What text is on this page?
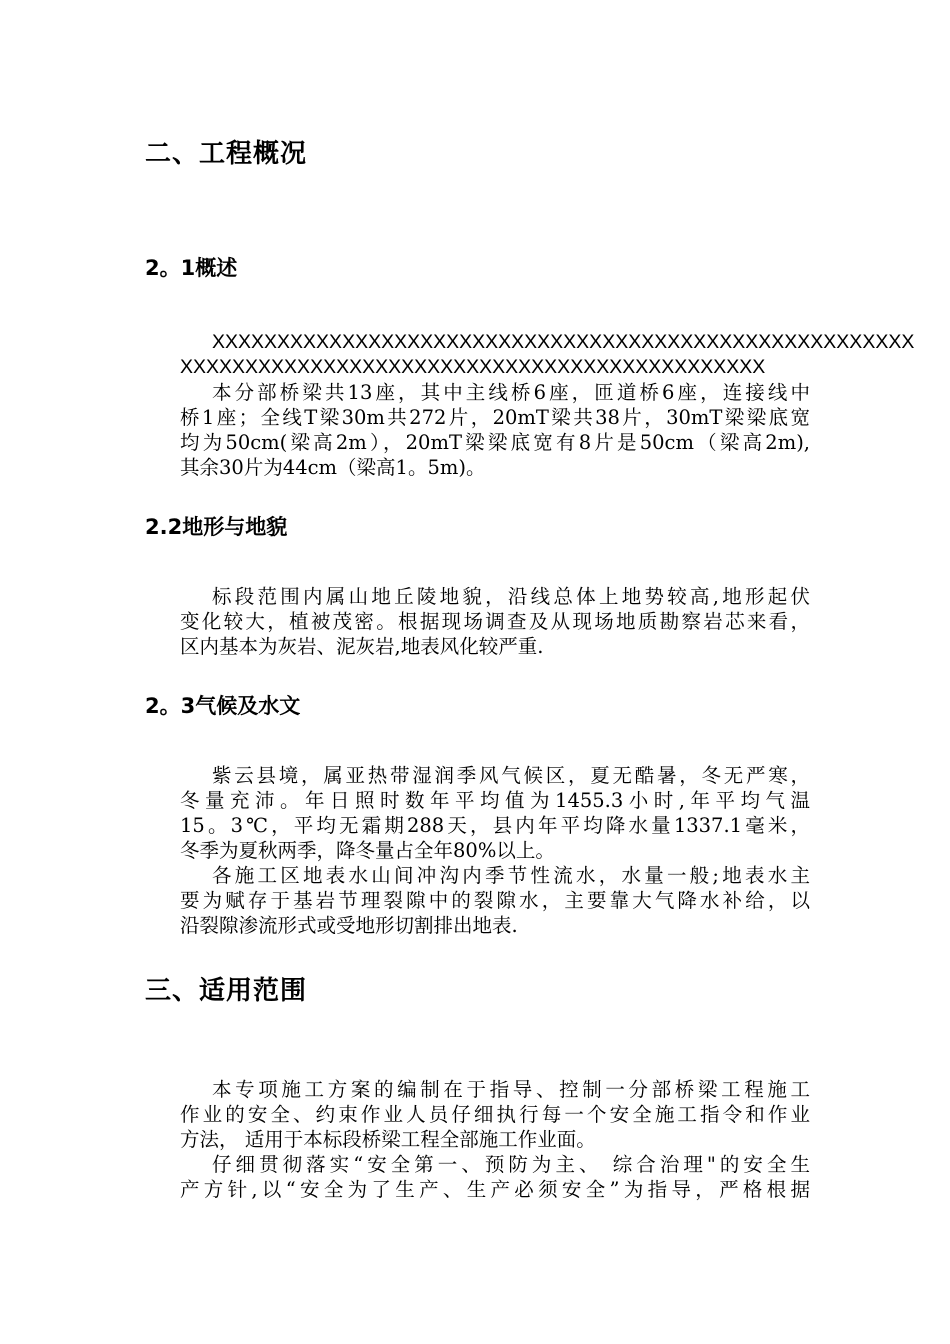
二、工程概况
2。1概述
XXXXXXXXXXXXXXXXXXXXXXXXXXXXXXXXXXXXXXXXXXXXXXXXXXXXXX
XXXXXXXXXXXXXXXXXXXXXXXXXXXXXXXXXXXXXXXXXXXXX
本分部桥梁共13座，其中主线桥6座，匝道桥6座，连接线中
桥1座；全线T梁30m共272片，20mT梁共38片，30mT梁梁底宽
均为50cm(梁高2m），20mT梁梁底宽有8片是50cm（梁高2m),
其余30片为44cm（梁高1。5m)。
2.2地形与地貌
标段范围内属山地丘陵地貌，沿线总体上地势较高,地形起伏
变化较大，植被茂密。根据现场调查及从现场地质勘察岩芯来看，
区内基本为灰岩、泥灰岩,地表风化较严重.
2。3气候及水文
紫云县境，属亚热带湿润季风气候区，夏无酷暑，冬无严寒，
冬量充沛。年日照时数年平均值为1455.3小时,年平均气温
15。3℃，平均无霜期288天，县内年平均降水量1337.1毫米，
冬季为夏秋两季，降冬量占全年80%以上。
各施工区地表水山间冲沟内季节性流水，水量一般;地表水主
要为赋存于基岩节理裂隙中的裂隙水，主要靠大气降水补给，以
沿裂隙渗流形式或受地形切割排出地表.
三、适用范围
本专项施工方案的编制在于指导、控制一分部桥梁工程施工
作业的安全、约束作业人员仔细执行每一个安全施工指令和作业
方法， 适用于本标段桥梁工程全部施工作业面。
仔细贯彻落实“安全第一、预防为主、 综合治理"的安全生
产方针,以“安全为了生产、生产必须安全”为指导，严格根据
